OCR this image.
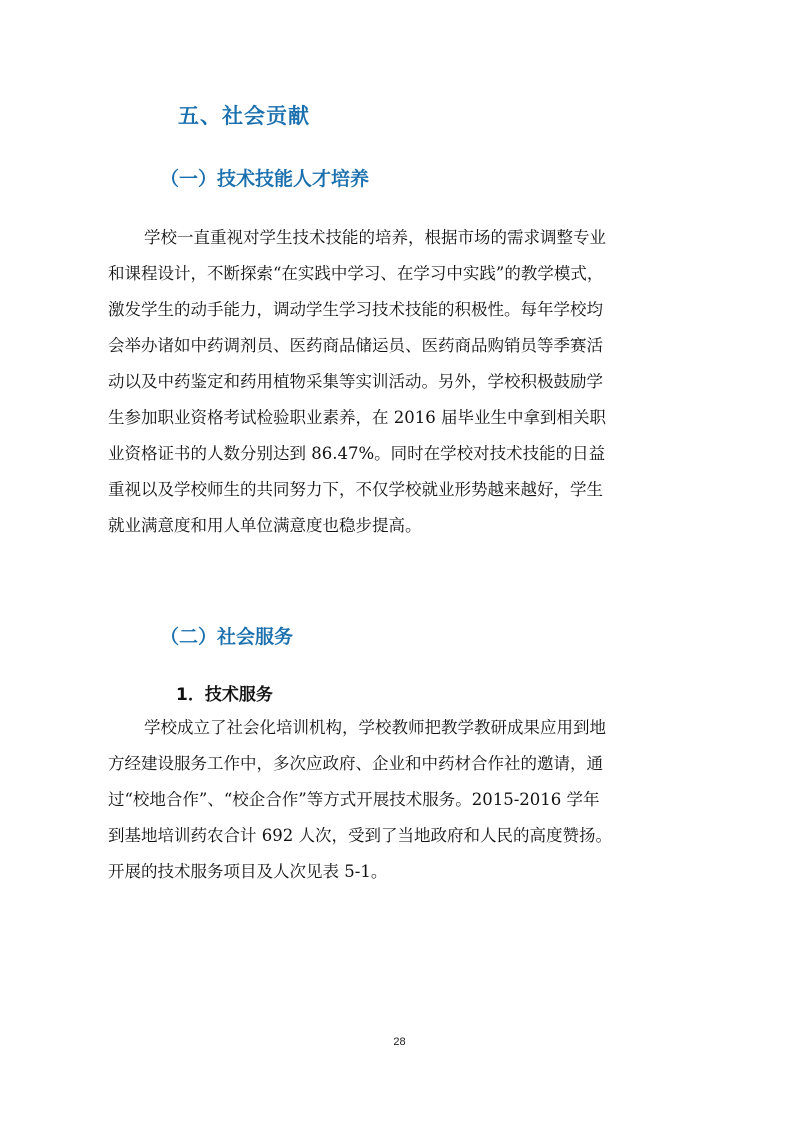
五、社会贡献
（一）技术技能人才培养
学校一直重视对学生技术技能的培养，根据市场的需求调整专业
和课程设计，不断探索“在实践中学习、在学习中实践”的教学模式，
激发学生的动手能力，调动学生学习技术技能的积极性。每年学校均
会举办诸如中药调剂员、医药商品储运员、医药商品购销员等季赛活
动以及中药鉴定和药用植物采集等实训活动。另外，学校积极鼓励学
生参加职业资格考试检验职业素养，在 2016 届毕业生中拿到相关职
业资格证书的人数分别达到 86.47%。同时在学校对技术技能的日益
重视以及学校师生的共同努力下，不仅学校就业形势越来越好，学生
就业满意度和用人单位满意度也稳步提高。
（二）社会服务
1．技术服务
学校成立了社会化培训机构，学校教师把教学教研成果应用到地
方经建设服务工作中，多次应政府、企业和中药材合作社的邀请，通
过“校地合作”、“校企合作”等方式开展技术服务。2015-2016 学年
到基地培训药农合计 692 人次，受到了当地政府和人民的高度赞扬。
开展的技术服务项目及人次见表 5-1。
28
